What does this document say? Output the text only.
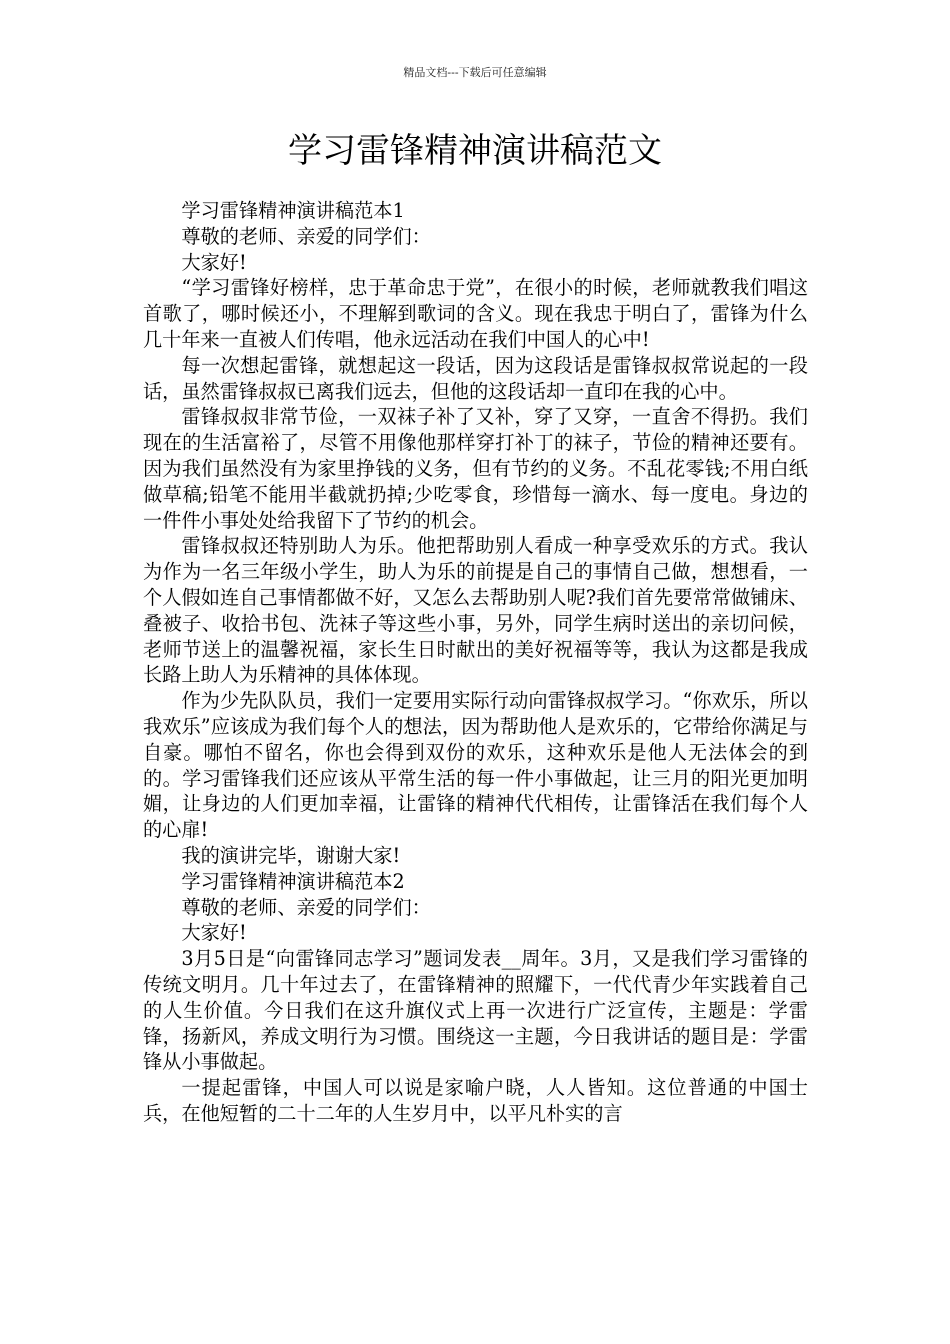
精品文档---下载后可任意编辑
学习雷锋精神演讲稿范文

学习雷锋精神演讲稿范本1

尊敬的老师、亲爱的同学们：

大家好!

“学习雷锋好榜样，忠于革命忠于党”，在很小的时候，老师就教我们唱这首歌了，哪时候还小，不理解到歌词的含义。现在我忠于明白了，雷锋为什么几十年来一直被人们传唱，他永远活动在我们中国人的心中!

每一次想起雷锋，就想起这一段话，因为这段话是雷锋叔叔常说起的一段话，虽然雷锋叔叔已离我们远去，但他的这段话却一直印在我的心中。

雷锋叔叔非常节俭，一双袜子补了又补，穿了又穿，一直舍不得扔。我们现在的生活富裕了，尽管不用像他那样穿打补丁的袜子，节俭的精神还要有。因为我们虽然没有为家里挣钱的义务，但有节约的义务。不乱花零钱;不用白纸做草稿;铅笔不能用半截就扔掉;少吃零食，珍惜每一滴水、每一度电。身边的一件件小事处处给我留下了节约的机会。

雷锋叔叔还特别助人为乐。他把帮助别人看成一种享受欢乐的方式。我认为作为一名三年级小学生，助人为乐的前提是自己的事情自己做，想想看，一个人假如连自己事情都做不好，又怎么去帮助别人呢?我们首先要常常做铺床、叠被子、收拾书包、洗袜子等这些小事，另外，同学生病时送出的亲切问候，老师节送上的温馨祝福，家长生日时献出的美好祝福等等，我认为这都是我成长路上助人为乐精神的具体体现。

作为少先队队员，我们一定要用实际行动向雷锋叔叔学习。“你欢乐，所以我欢乐”应该成为我们每个人的想法，因为帮助他人是欢乐的，它带给你满足与自豪。哪怕不留名，你也会得到双份的欢乐，这种欢乐是他人无法体会的到的。学习雷锋我们还应该从平常生活的每一件小事做起，让三月的阳光更加明媚，让身边的人们更加幸福，让雷锋的精神代代相传，让雷锋活在我们每个人的心扉!

我的演讲完毕，谢谢大家!

学习雷锋精神演讲稿范本2

尊敬的老师、亲爱的同学们：

大家好!

3月5日是“向雷锋同志学习”题词发表__周年。3月，又是我们学习雷锋的传统文明月。几十年过去了，在雷锋精神的照耀下，一代代青少年实践着自己的人生价值。今日我们在这升旗仪式上再一次进行广泛宣传，主题是：学雷锋，扬新风，养成文明行为习惯。围绕这一主题，今日我讲话的题目是：学雷锋从小事做起。

一提起雷锋，中国人可以说是家喻户晓，人人皆知。这位普通的中国士兵，在他短暂的二十二年的人生岁月中，以平凡朴实的言
